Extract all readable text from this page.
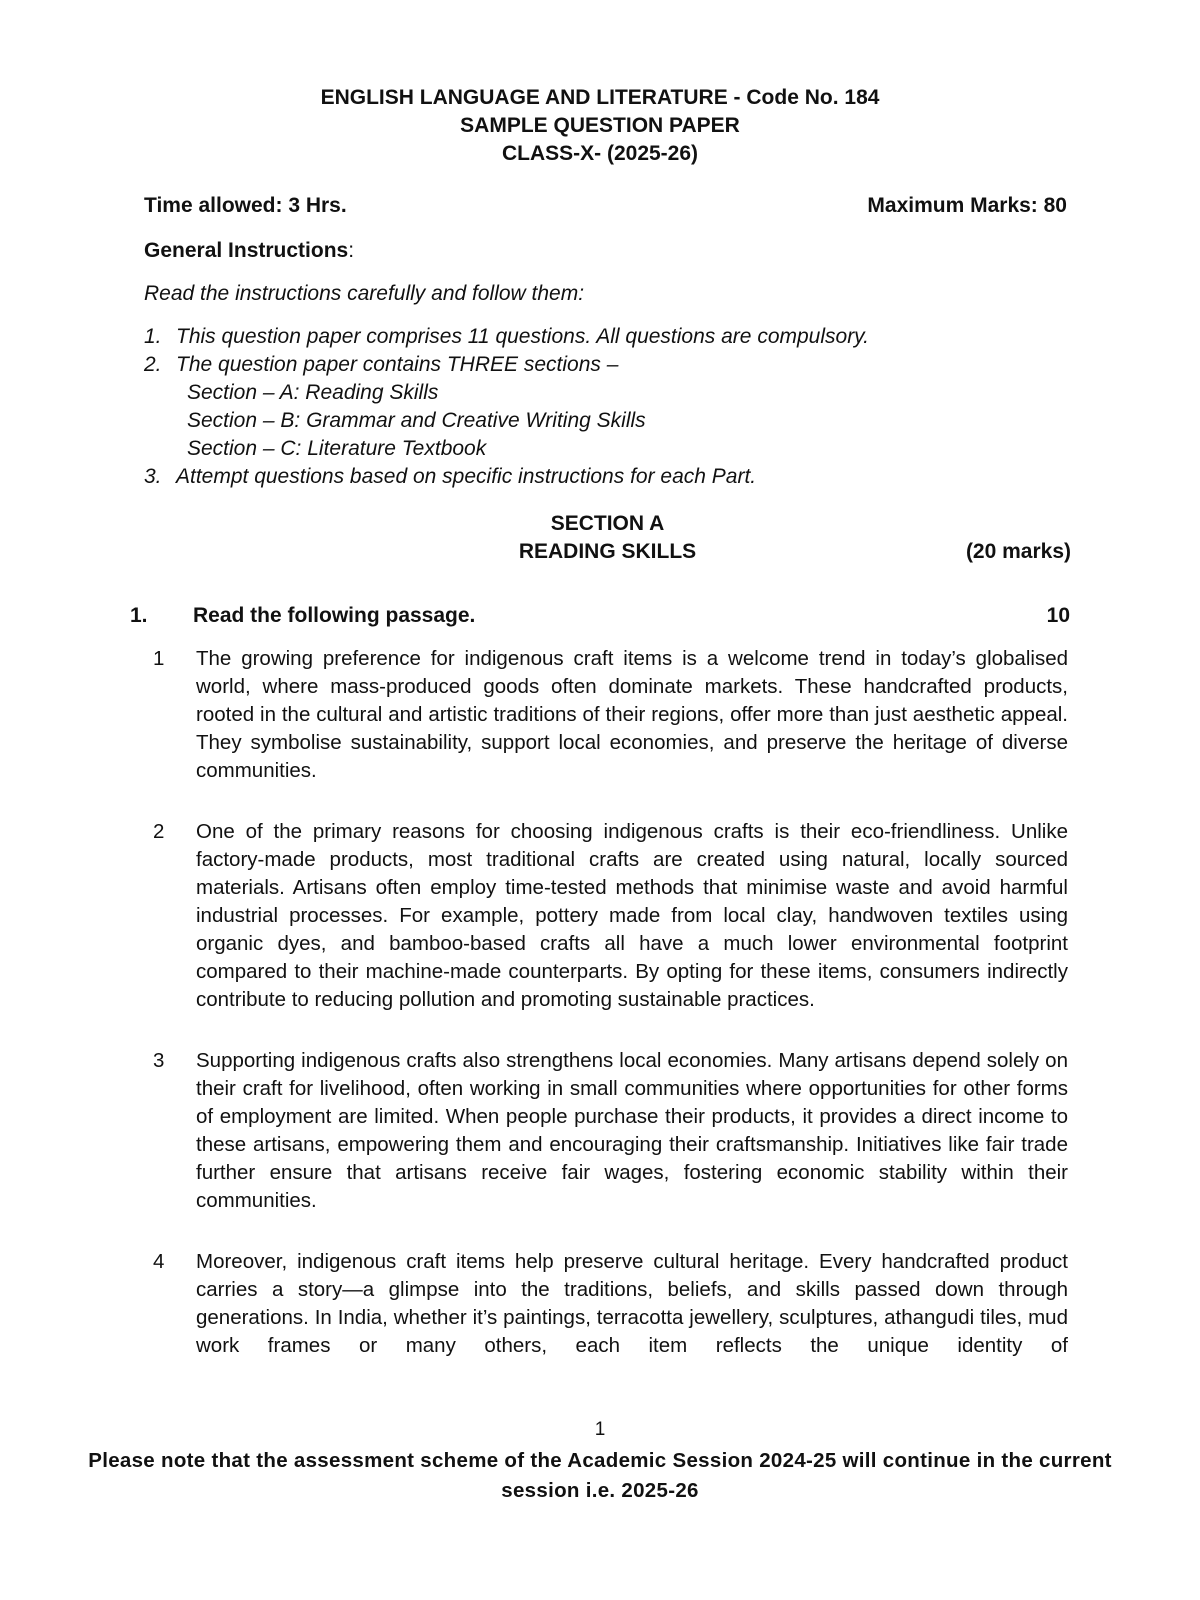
ENGLISH LANGUAGE AND LITERATURE - Code No. 184
SAMPLE QUESTION PAPER
CLASS-X- (2025-26)
Time allowed: 3 Hrs.	Maximum Marks: 80
General Instructions:
Read the instructions carefully and follow them:
1. This question paper comprises 11 questions. All questions are compulsory.
2. The question paper contains THREE sections –
Section – A: Reading Skills
Section – B: Grammar and Creative Writing Skills
Section – C: Literature Textbook
3. Attempt questions based on specific instructions for each Part.
SECTION A
READING SKILLS	(20 marks)
1.	Read the following passage.	10
1	The growing preference for indigenous craft items is a welcome trend in today’s globalised world, where mass-produced goods often dominate markets. These handcrafted products, rooted in the cultural and artistic traditions of their regions, offer more than just aesthetic appeal. They symbolise sustainability, support local economies, and preserve the heritage of diverse communities.
2	One of the primary reasons for choosing indigenous crafts is their eco-friendliness. Unlike factory-made products, most traditional crafts are created using natural, locally sourced materials. Artisans often employ time-tested methods that minimise waste and avoid harmful industrial processes. For example, pottery made from local clay, handwoven textiles using organic dyes, and bamboo-based crafts all have a much lower environmental footprint compared to their machine-made counterparts. By opting for these items, consumers indirectly contribute to reducing pollution and promoting sustainable practices.
3	Supporting indigenous crafts also strengthens local economies. Many artisans depend solely on their craft for livelihood, often working in small communities where opportunities for other forms of employment are limited. When people purchase their products, it provides a direct income to these artisans, empowering them and encouraging their craftsmanship. Initiatives like fair trade further ensure that artisans receive fair wages, fostering economic stability within their communities.
4	Moreover, indigenous craft items help preserve cultural heritage. Every handcrafted product carries a story—a glimpse into the traditions, beliefs, and skills passed down through generations. In India, whether it’s paintings, terracotta jewellery, sculptures, athangudi tiles, mud work frames or many others, each item reflects the unique identity of
1
Please note that the assessment scheme of the Academic Session 2024-25 will continue in the current session i.e. 2025-26
